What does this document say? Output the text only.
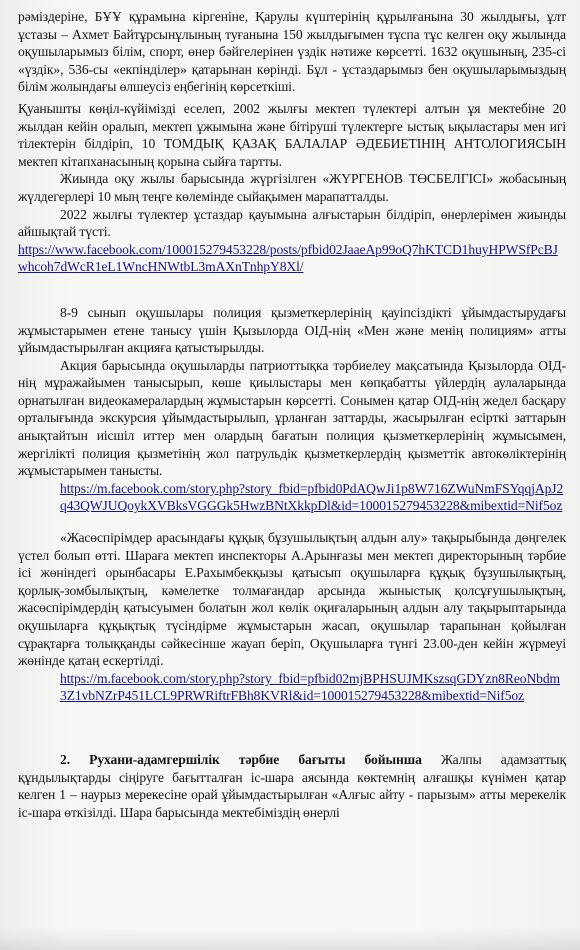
рәміздеріне, БҰҰ құрамына кіргеніне, Қарулы күштерінің құрылғанына 30 жылдығы, ұлт ұстазы – Ахмет Байтұрсынұлының туғанына 150 жылдығымен тұспа тұс келген оқу жылында оқушыларымыз білім, спорт, өнер бәйгелерінен үздік нәтиже көрсетті. 1632 оқушының, 235-сі «үздік», 536-сы «екпінділер» қатарынан көрінді. Бұл - ұстаздарымыз бен оқушыларымыздың білім жолындағы өлшеусіз еңбегінің көрсеткіші.

Қуанышты көңіл-күйімізді еселеп, 2002 жылғы мектеп түлектері алтын ұя мектебіне 20 жылдан кейін оралып, мектеп ұжымына және бітіруші түлектерге ыстық ықыластары мен игі тілектерін білдіріп, 10 ТОМДЫҚ ҚАЗАҚ БАЛАЛАР ӘДЕБИЕТІНІҢ АНТОЛОГИЯСЫН мектеп кітапханасының қорына сыйға тартты.

Жиында оқу жылы барысында жүргізілген «ЖҮРГЕНОВ ТӨСБЕЛГІСІ» жобасының жүлдегерлері 10 мың теңге көлемінде сыйақымен марапатталды.

2022 жылғы түлектер ұстаздар қауымына алғыстарын білдіріп, өнерлерімен жиынды айшықтай түсті.

https://www.facebook.com/100015279453228/posts/pfbid02JaaeAp99oQ7hKTCD1huyHPWSfPcBJwhcoh7dWcR1eL1WncHNWtbL3mAXnTnhpY8Xl/

8-9 сынып оқушылары полиция қызметкерлерінің қауіпсіздікті ұйымдастырудағы жұмыстарымен етене танысу үшін Қызылорда ОІД-нің «Мен және менің полициям» атты ұйымдастырылған акцияға қатыстырылды.

Акция барысында оқушыларды патриоттықка тәрбиелеу мақсатында Қызылорда ОІД-нің мұражайымен танысырып, көше қиылыстары мен көпқабатты үйлердің аулаларында орнатылған видеокамералардың жұмыстарын көрсетті. Сонымен қатар ОІД-нің жедел басқару орталығында экскурсия ұйымдастырылып, ұрланған заттарды, жасырылған есірткі заттарын анықтайтын иісшіл иттер мен олардың бағатын полиция қызметкерлерінің жұмысымен, жергілікті полиция қызметінің жол патрульдік қызметкерлердің қызметтік автокөліктерінің жұмыстарымен танысты.

https://m.facebook.com/story.php?story_fbid=pfbid0PdAQwJi1p8W716ZWuNmFSYqqjApJ2q43QWJUQoykXVBksVGGGk5HwzBNtXkkpDl&id=100015279453228&mibextid=Nif5oz

«Жасөспірімдер арасындағы құқық бұзушылықтың алдын алу» тақырыбында дөңгелек үстел болып өтті. Шараға мектеп инспекторы А.Арынғазы мен мектеп директорының тәрбие ісі жөніндегі орынбасары Е.Рахымбекқызы қатысып оқушыларға құқық бұзушылықтың, қорлық-зомбылықтың, кәмелетке толмағандар арсында жыныстық қолсұғушылықтың, жасөспірімдердің қатысуымен болатын жол көлік оқиғаларының алдын алу тақырыптарында оқушыларға құқықтық түсіндірме жұмыстарын жасап, оқушылар тарапынан қойылған сұрақтарға толыққанды сәйкесінше жауап беріп, Оқушыларға түнгі 23.00-ден кейін жүрмеуі жөнінде қатаң ескертілді.

https://m.facebook.com/story.php?story_fbid=pfbid02mjBPHSUJMKszsqGDYzn8ReoNbdm3Z1vbNZrP451LCL9PRWRiftrFBh8KVRl&id=100015279453228&mibextid=Nif5oz

2. Рухани-адамгершілік тәрбие бағыты бойынша Жалпы адамзаттық құндылықтарды сіңіруге бағытталған іс-шара аясында көктемнің алғашқы күнімен қатар келген 1 – наурыз мерекесіне орай ұйымдастырылған «Алғыс айту - парызым» атты мерекелік іс-шара өткізілді. Шара барысында мектебіміздің өнерлі
